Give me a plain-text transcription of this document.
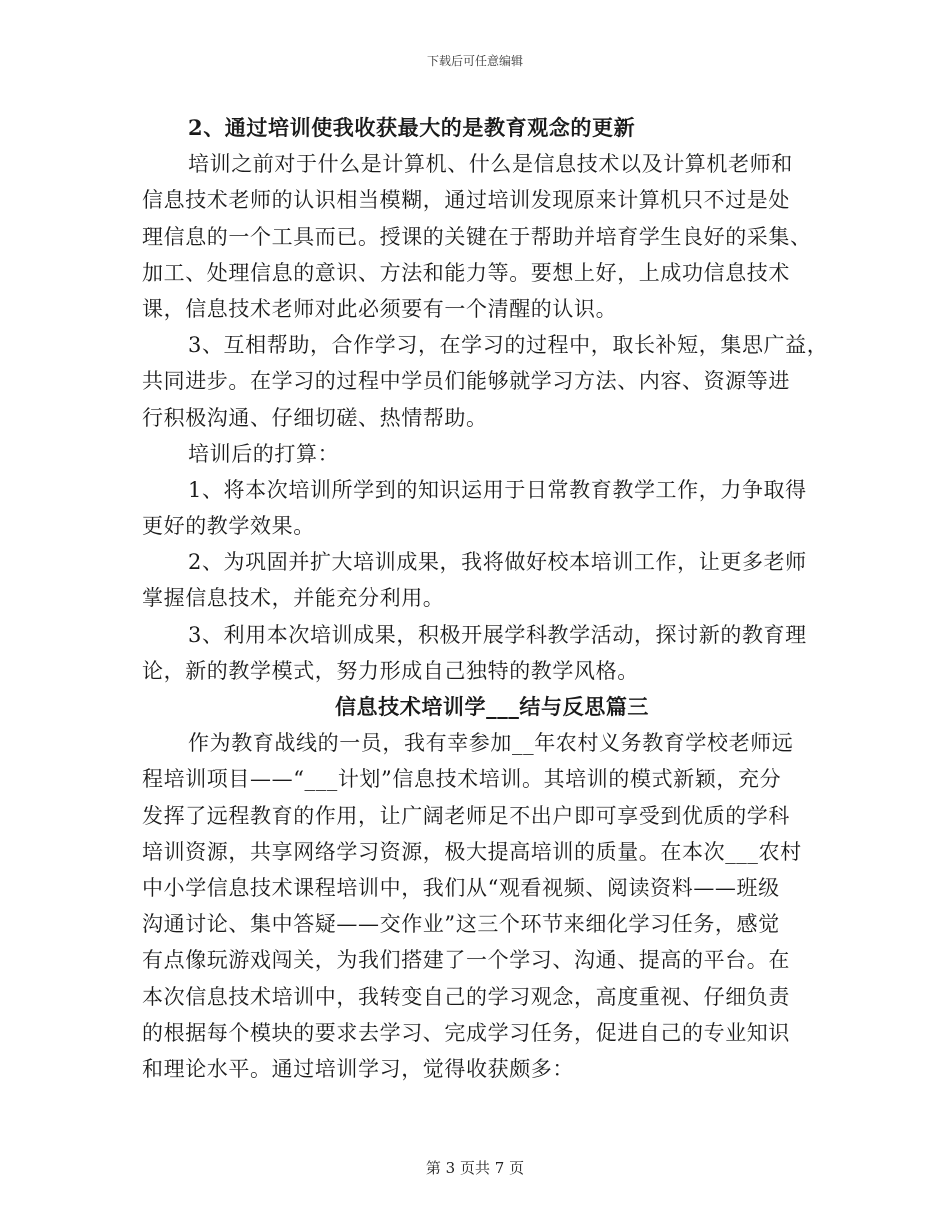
下载后可任意编辑
2、通过培训使我收获最大的是教育观念的更新
培训之前对于什么是计算机、什么是信息技术以及计算机老师和
信息技术老师的认识相当模糊，通过培训发现原来计算机只不过是处
理信息的一个工具而已。授课的关键在于帮助并培育学生良好的采集、
加工、处理信息的意识、方法和能力等。要想上好，上成功信息技术
课，信息技术老师对此必须要有一个清醒的认识。
3、互相帮助，合作学习，在学习的过程中，取长补短，集思广益，
共同进步。在学习的过程中学员们能够就学习方法、内容、资源等进
行积极沟通、仔细切磋、热情帮助。
培训后的打算：
1、将本次培训所学到的知识运用于日常教育教学工作，力争取得
更好的教学效果。
2、为巩固并扩大培训成果，我将做好校本培训工作，让更多老师
掌握信息技术，并能充分利用。
3、利用本次培训成果，积极开展学科教学活动，探讨新的教育理
论，新的教学模式，努力形成自己独特的教学风格。
信息技术培训学___结与反思篇三
作为教育战线的一员，我有幸参加__年农村义务教育学校老师远
程培训项目——“___计划”信息技术培训。其培训的模式新颖，充分
发挥了远程教育的作用，让广阔老师足不出户即可享受到优质的学科
培训资源，共享网络学习资源，极大提高培训的质量。在本次___农村
中小学信息技术课程培训中，我们从“观看视频、阅读资料——班级
沟通讨论、集中答疑——交作业”这三个环节来细化学习任务，感觉
有点像玩游戏闯关，为我们搭建了一个学习、沟通、提高的平台。在
本次信息技术培训中，我转变自己的学习观念，高度重视、仔细负责
的根据每个模块的要求去学习、完成学习任务，促进自己的专业知识
和理论水平。通过培训学习，觉得收获颇多：
第 3 页共 7 页
